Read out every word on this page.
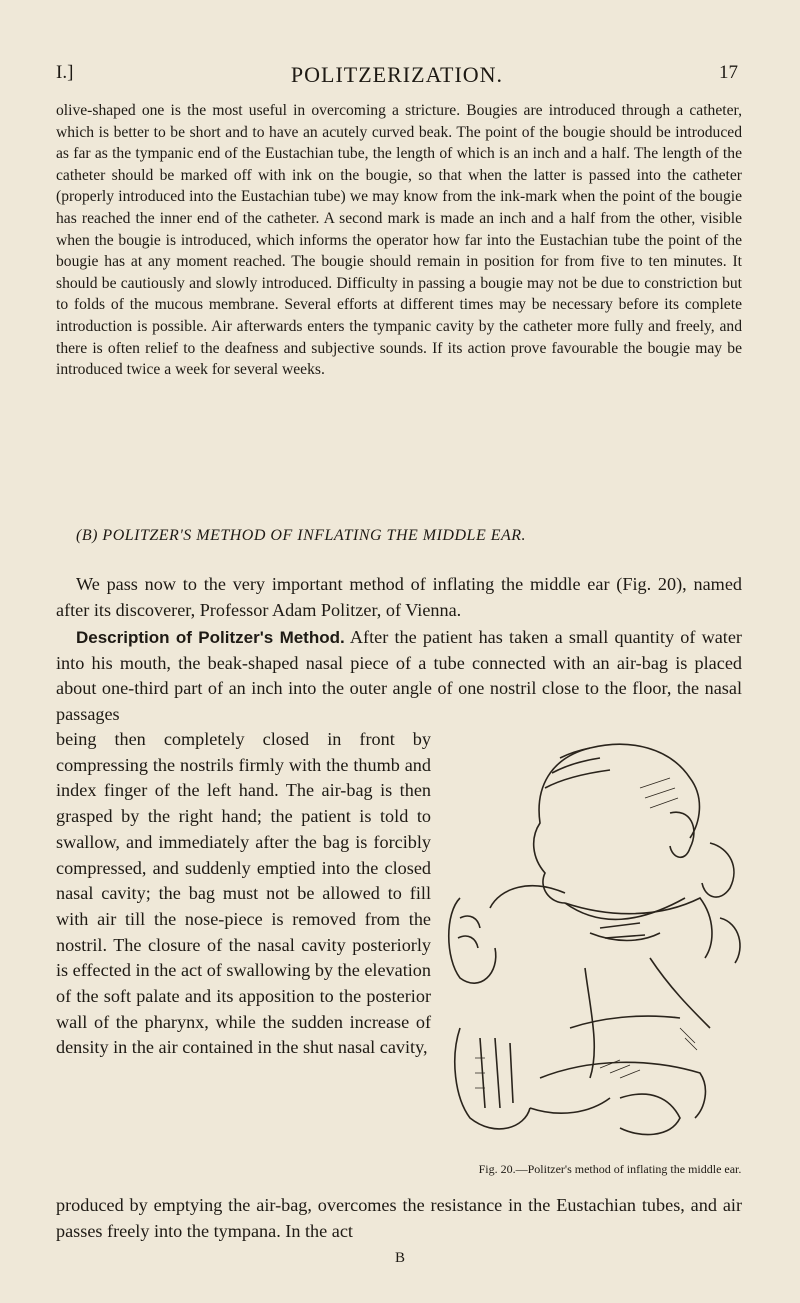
I.]	POLITZERIZATION.	17

olive-shaped one is the most useful in overcoming a stricture. Bougies are introduced through a catheter, which is better to be short and to have an acutely curved beak. The point of the bougie should be introduced as far as the tympanic end of the Eustachian tube, the length of which is an inch and a half. The length of the catheter should be marked off with ink on the bougie, so that when the latter is passed into the catheter (properly introduced into the Eustachian tube) we may know from the ink-mark when the point of the bougie has reached the inner end of the catheter. A second mark is made an inch and a half from the other, visible when the bougie is introduced, which informs the operator how far into the Eustachian tube the point of the bougie has at any moment reached. The bougie should remain in position for from five to ten minutes. It should be cautiously and slowly introduced. Difficulty in passing a bougie may not be due to constriction but to folds of the mucous membrane. Several efforts at different times may be necessary before its complete introduction is possible. Air afterwards enters the tympanic cavity by the catheter more fully and freely, and there is often relief to the deafness and subjective sounds. If its action prove favourable the bougie may be introduced twice a week for several weeks.

(B) POLITZER'S METHOD OF INFLATING THE MIDDLE EAR.

We pass now to the very important method of inflating the middle ear (Fig. 20), named after its discoverer, Professor Adam Politzer, of Vienna.

Description of Politzer's Method. After the patient has taken a small quantity of water into his mouth, the beak-shaped nasal piece of a tube connected with an air-bag is placed about one-third part of an inch into the outer angle of one nostril close to the floor, the nasal passages

being then completely closed in front by compressing the nostrils firmly with the thumb and index finger of the left hand. The air-bag is then grasped by the right hand; the patient is told to swallow, and immediately after the bag is forcibly compressed, and suddenly emptied into the closed nasal cavity; the bag must not be allowed to fill with air till the nose-piece is removed from the nostril. The closure of the nasal cavity posteriorly is effected in the act of swallowing by the elevation of the soft palate and its apposition to the posterior wall of the pharynx, while the sudden increase of density in the air contained in the shut nasal cavity,

Fig. 20.—Politzer's method of inflating the middle ear.

produced by emptying the air-bag, overcomes the resistance in the Eustachian tubes, and air passes freely into the tympana. In the act

B
